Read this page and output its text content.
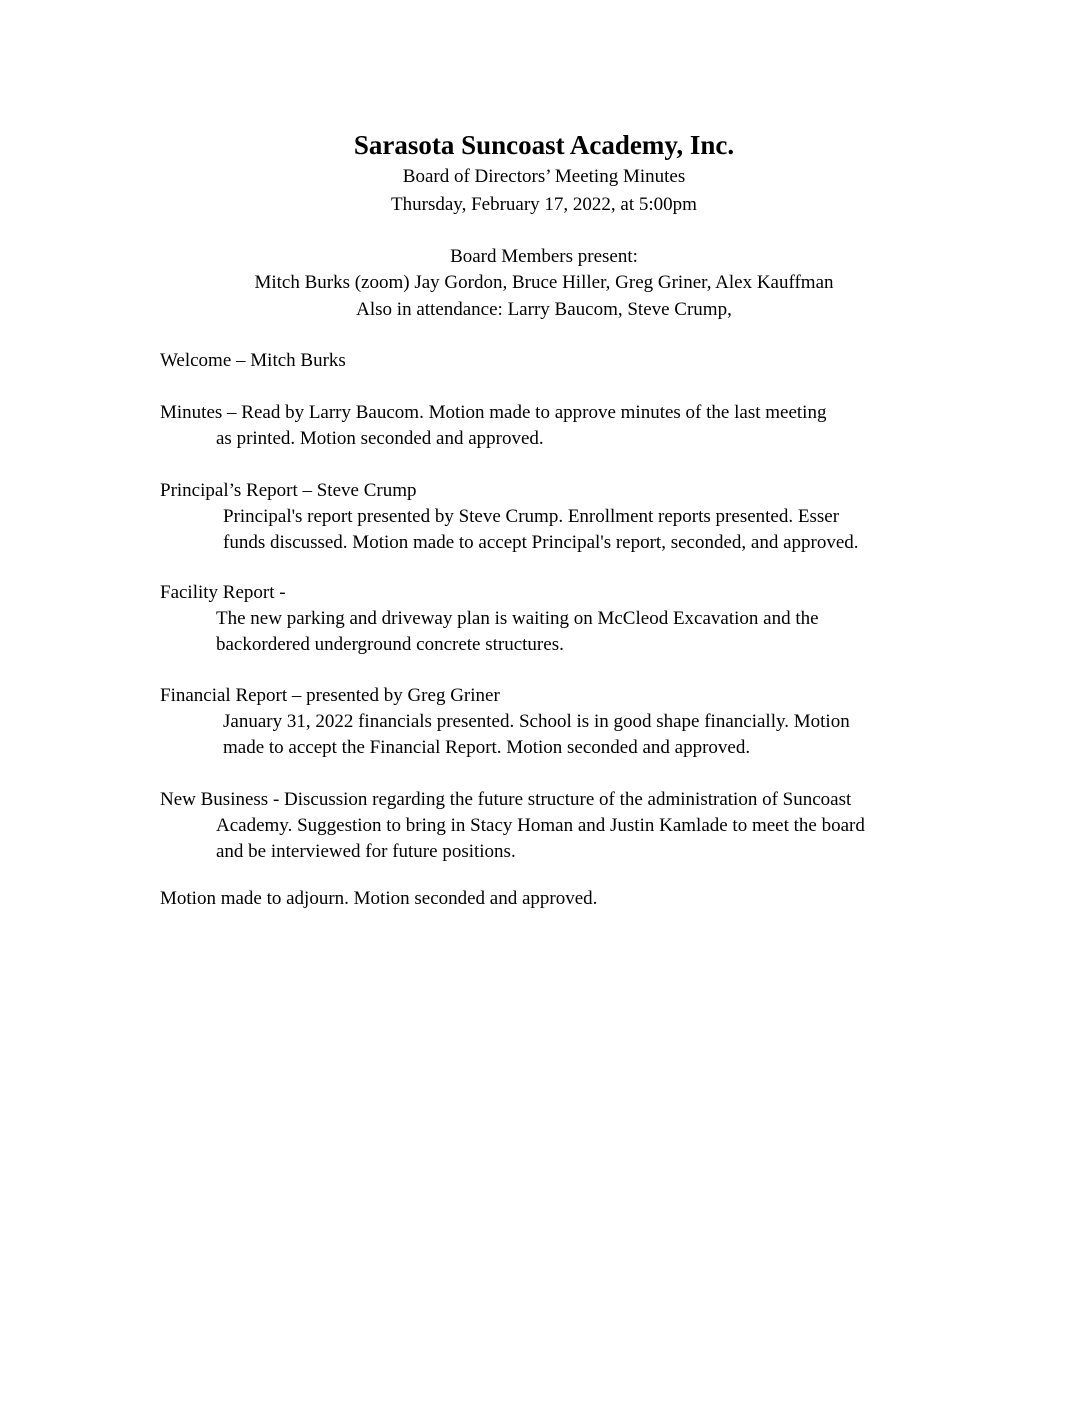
Sarasota Suncoast Academy, Inc.
Board of Directors’ Meeting Minutes
Thursday, February 17, 2022, at 5:00pm
Board Members present:
Mitch Burks (zoom) Jay Gordon, Bruce Hiller, Greg Griner, Alex Kauffman
Also in attendance: Larry Baucom, Steve Crump,
Welcome – Mitch Burks
Minutes – Read by Larry Baucom. Motion made to approve minutes of the last meeting
as printed. Motion seconded and approved.
Principal’s Report – Steve Crump
Principal's report presented by Steve Crump. Enrollment reports presented. Esser
funds discussed. Motion made to accept Principal's report, seconded, and approved.
Facility Report -
The new parking and driveway plan is waiting on McCleod Excavation and the
backordered underground concrete structures.
Financial Report – presented by Greg Griner
January 31, 2022 financials presented. School is in good shape financially. Motion
made to accept the Financial Report. Motion seconded and approved.
New Business - Discussion regarding the future structure of the administration of Suncoast
Academy. Suggestion to bring in Stacy Homan and Justin Kamlade to meet the board
and be interviewed for future positions.
Motion made to adjourn. Motion seconded and approved.
